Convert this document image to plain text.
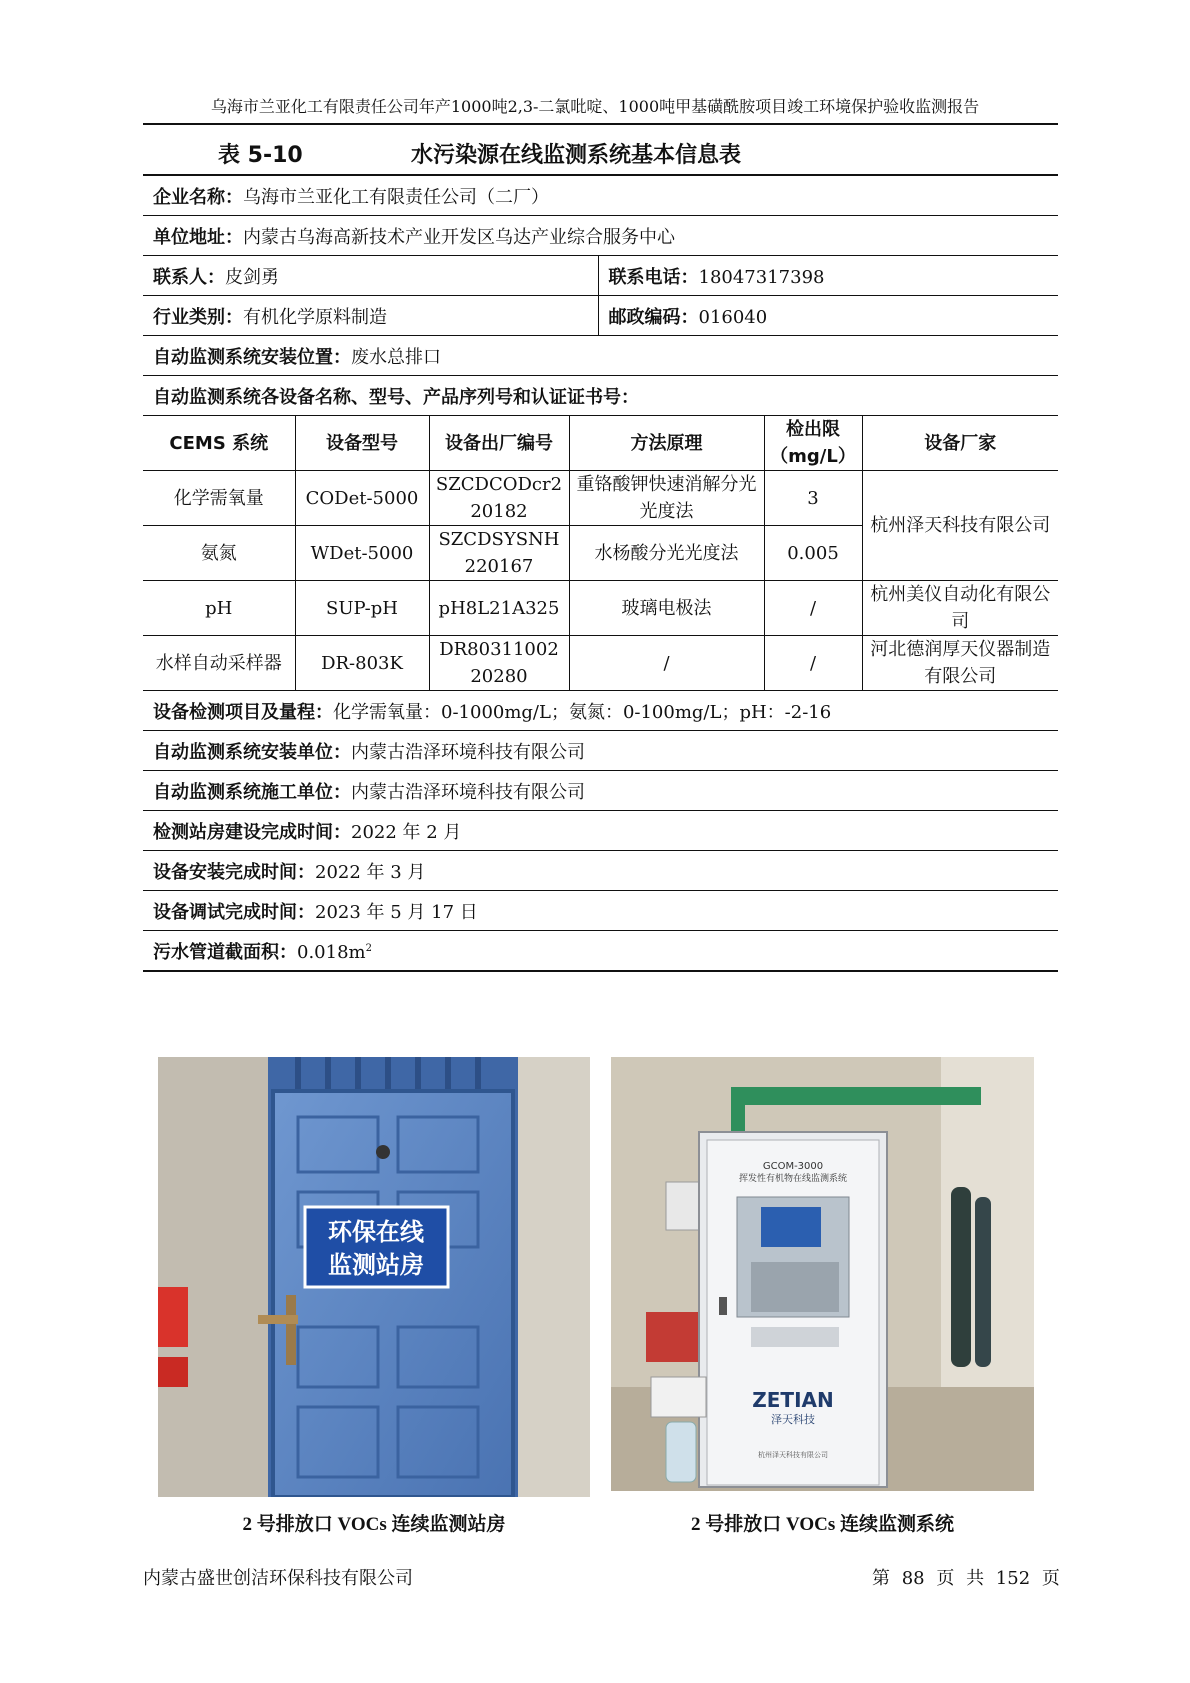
乌海市兰亚化工有限责任公司年产1000吨2,3-二氯吡啶、1000吨甲基磺酰胺项目竣工环境保护验收监测报告
表 5-10	水污染源在线监测系统基本信息表
企业名称：乌海市兰亚化工有限责任公司（二厂）
单位地址：内蒙古乌海高新技术产业开发区乌达产业综合服务中心
联系人：皮剑勇	联系电话：18047317398
行业类别：有机化学原料制造	邮政编码：016040
自动监测系统安装位置：废水总排口
自动监测系统各设备名称、型号、产品序列号和认证证书号：

CEMS 系统	设备型号	设备出厂编号	方法原理	检出限（mg/L）	设备厂家
化学需氧量	CODet-5000	SZCDCODcr220182	重铬酸钾快速消解分光光度法	3	杭州泽天科技有限公司
氨氮	WDet-5000	SZCDSYSNH220167	水杨酸分光光度法	0.005
pH	SUP-pH	pH8L21A325	玻璃电极法	/	杭州美仪自动化有限公司
水样自动采样器	DR-803K	DR8031100220280	/	/	河北德润厚天仪器制造有限公司

设备检测项目及量程：化学需氧量：0-1000mg/L；氨氮：0-100mg/L；pH：-2-16
自动监测系统安装单位：内蒙古浩泽环境科技有限公司
自动监测系统施工单位：内蒙古浩泽环境科技有限公司
检测站房建设完成时间：2022 年 2 月
设备安装完成时间：2022 年 3 月
设备调试完成时间：2023 年 5 月 17 日
污水管道截面积：$0.018m^2$
环保在线
监测站房
GCOM-3000
挥发性有机物在线监测系统
ZETIAN
泽天科技
杭州泽天科技有限公司
2 号排放口 VOCs 连续监测站房	2 号排放口 VOCs 连续监测系统
内蒙古盛世创洁环保科技有限公司	第 88 页 共 152 页
